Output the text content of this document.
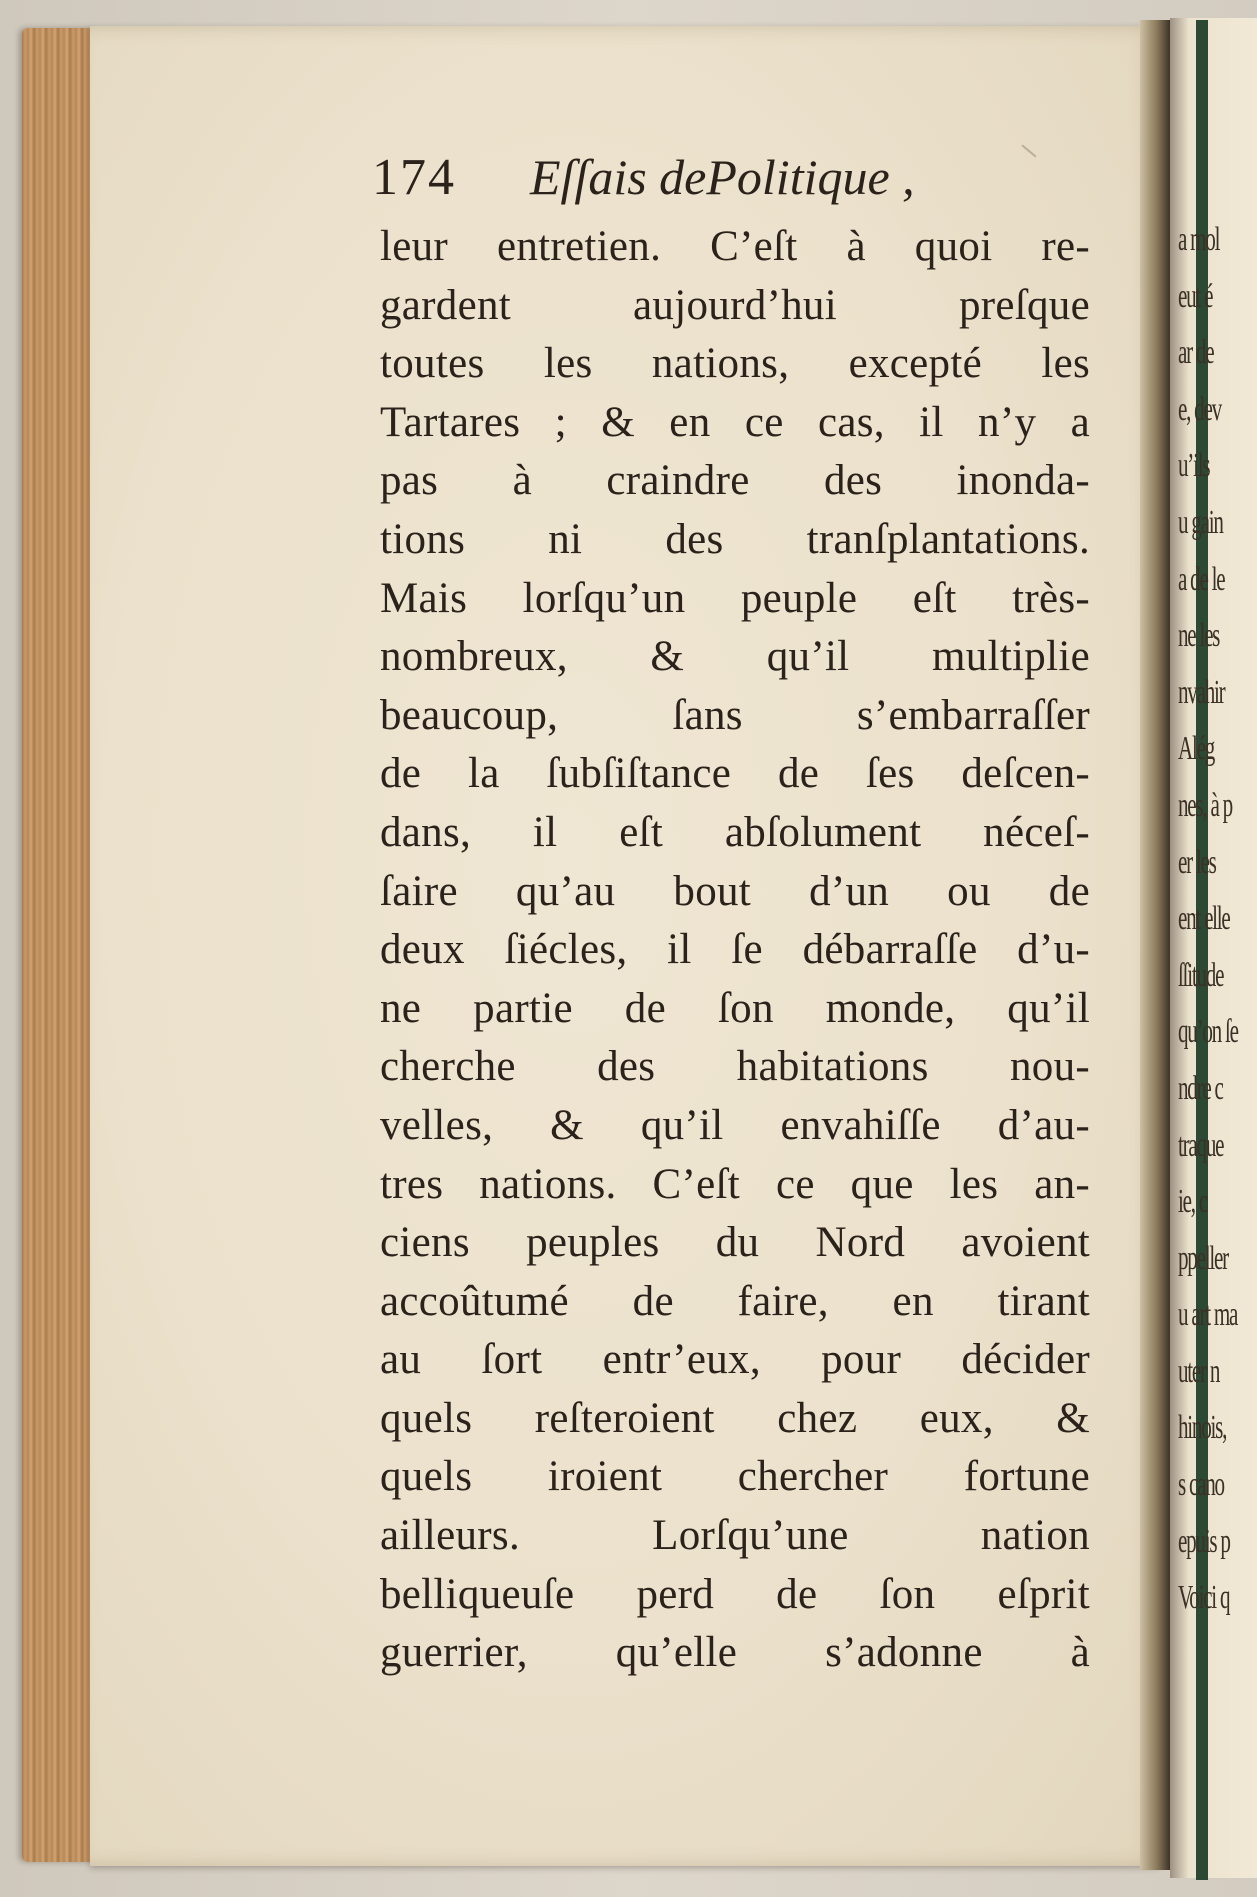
174 Eſſais dePolitique ,
leur entretien. C’eſt à quoi re-
gardent aujourd’hui preſque
toutes les nations, excepté les
Tartares ; & en ce cas, il n’y a
pas à craindre des inonda-
tions ni des tranſplantations.
Mais lorſqu’un peuple eſt très-
nombreux, & qu’il multiplie
beaucoup, ſans s’embarraſſer
de la ſubſiſtance de ſes deſcen-
dans, il eſt abſolument néceſ-
ſaire qu’au bout d’un ou de
deux ſiécles, il ſe débarraſſe d’u-
ne partie de ſon monde, qu’il
cherche des habitations nou-
velles, & qu’il envahiſſe d’au-
tres nations. C’eſt ce que les an-
ciens peuples du Nord avoient
accoûtumé de faire, en tirant
au ſort entr’eux, pour décider
quels reſteroient chez eux, &
quels iroient chercher fortune
ailleurs. Lorſqu’une nation
belliqueuſe perd de ſon eſprit
guerrier, qu’elle s’adonne à
a mol
eut é
ar de
e, dev
u’ils
u gain
a de le
ne les
nvahir
Alég
nes, à p
er les
ent elle
ſſitude
qu’on ſe
ndre c
traque
ie, c
ppeller
u art ma
uter n
hinois,
s cano
epuis p
Voici q
